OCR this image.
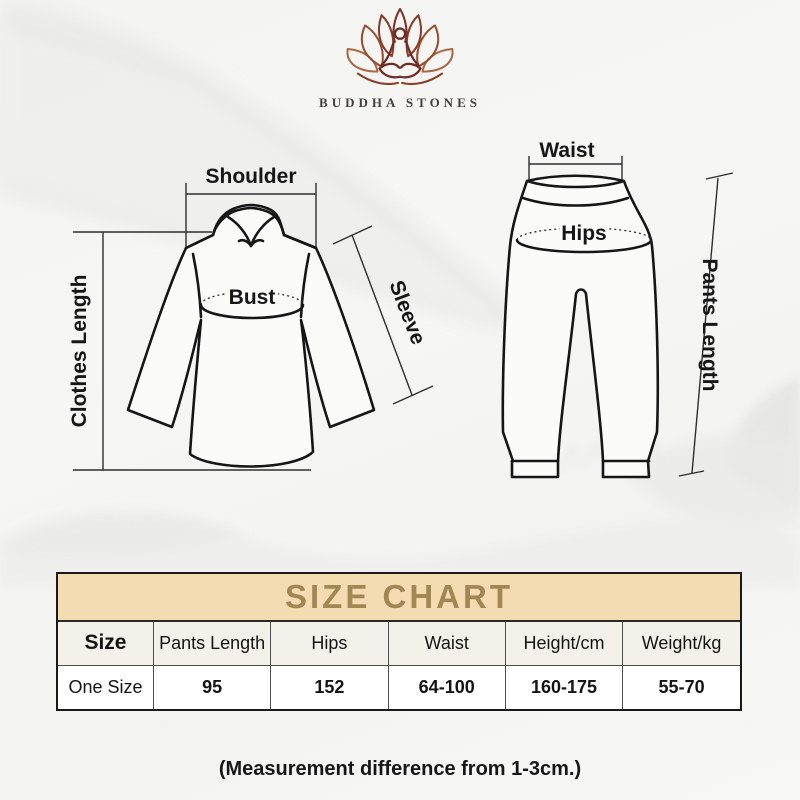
BUDDHA STONES
Shoulder
Bust
Clothes Length	Sleeve
Waist
Hips
Pants Length
SIZE CHART
Size	Pants Length	Hips	Waist	Height/cm	Weight/kg
One Size	95	152	64-100	160-175	55-70
(Measurement difference from 1-3cm.)
